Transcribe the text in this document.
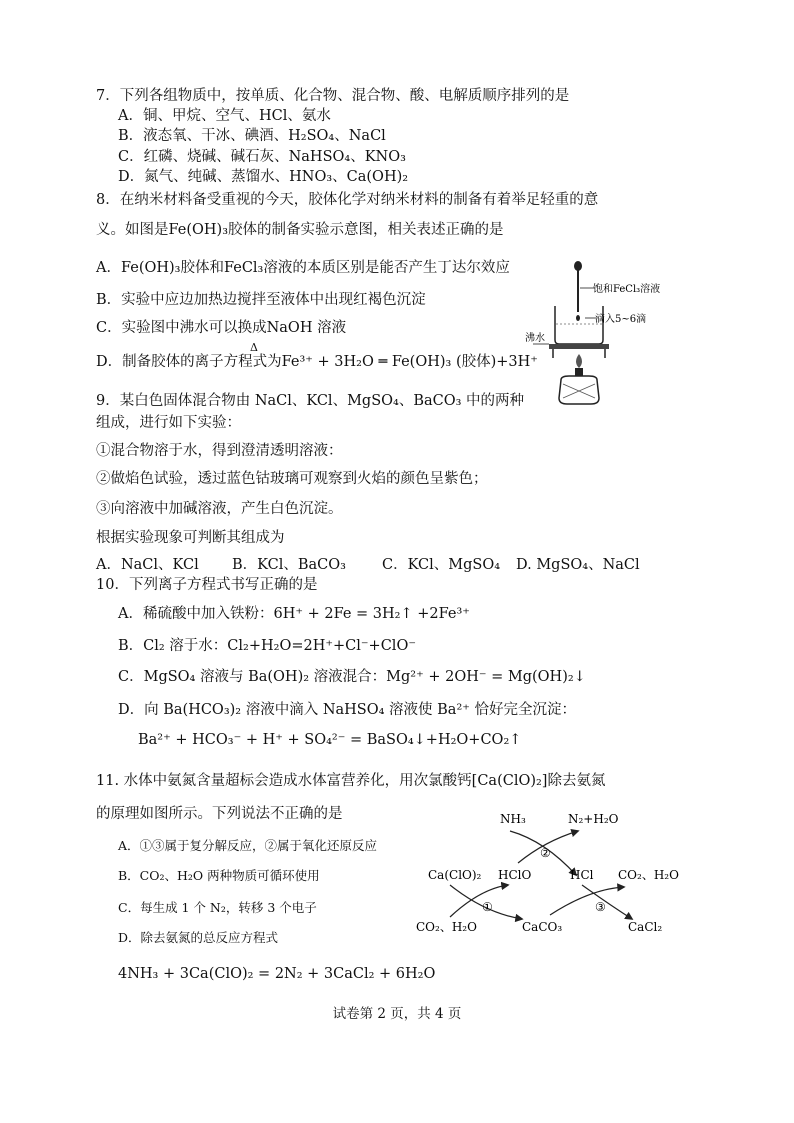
7．下列各组物质中，按单质、化合物、混合物、酸、电解质顺序排列的是
A．铜、甲烷、空气、HCl、氨水
B．液态氧、干冰、碘酒、H₂SO₄、NaCl
C．红磷、烧碱、碱石灰、NaHSO₄、KNO₃
D．氮气、纯碱、蒸馏水、HNO₃、Ca(OH)₂
8．在纳米材料备受重视的今天，胶体化学对纳米材料的制备有着举足轻重的意
义。如图是Fe(OH)₃胶体的制备实验示意图，相关表述正确的是
A．Fe(OH)₃胶体和FeCl₃溶液的本质区别是能否产生丁达尔效应
B．实验中应边加热边搅拌至液体中出现红褐色沉淀
C．实验图中沸水可以换成NaOH 溶液
Δ
D．制备胶体的离子方程式为Fe³⁺ + 3H₂O ═ Fe(OH)₃ (胶体)+3H⁺
饱和FeCl₃溶液
滴入5~6滴
沸水
9．某白色固体混合物由 NaCl、KCl、MgSO₄、BaCO₃ 中的两种
组成，进行如下实验：
①混合物溶于水，得到澄清透明溶液：
②做焰色试验，透过蓝色钴玻璃可观察到火焰的颜色呈紫色；
③向溶液中加碱溶液，产生白色沉淀。
根据实验现象可判断其组成为
A．NaCl、KCl B．KCl、BaCO₃ C．KCl、MgSO₄ D. MgSO₄、NaCl
10．下列离子方程式书写正确的是
A．稀硫酸中加入铁粉：6H⁺ + 2Fe = 3H₂↑ +2Fe³⁺
B．Cl₂ 溶于水：Cl₂+H₂O=2H⁺+Cl⁻+ClO⁻
C．MgSO₄ 溶液与 Ba(OH)₂ 溶液混合：Mg²⁺ + 2OH⁻ = Mg(OH)₂↓
D．向 Ba(HCO₃)₂ 溶液中滴入 NaHSO₄ 溶液使 Ba²⁺ 恰好完全沉淀：
Ba²⁺ + HCO₃⁻ + H⁺ + SO₄²⁻ = BaSO₄↓+H₂O+CO₂↑
11. 水体中氨氮含量超标会造成水体富营养化，用次氯酸钙[Ca(ClO)₂]除去氨氮
的原理如图所示。下列说法不正确的是
A．①③属于复分解反应，②属于氧化还原反应
B．CO₂、H₂O 两种物质可循环使用
C．每生成 1 个 N₂，转移 3 个电子
D．除去氨氮的总反应方程式
4NH₃ + 3Ca(ClO)₂ = 2N₂ + 3CaCl₂ + 6H₂O
NH₃	N₂+H₂O
②
Ca(ClO)₂ HClO	HCl CO₂、H₂O
①	③
CO₂、H₂O	CaCO₃	CaCl₂
试卷第 2 页，共 4 页
